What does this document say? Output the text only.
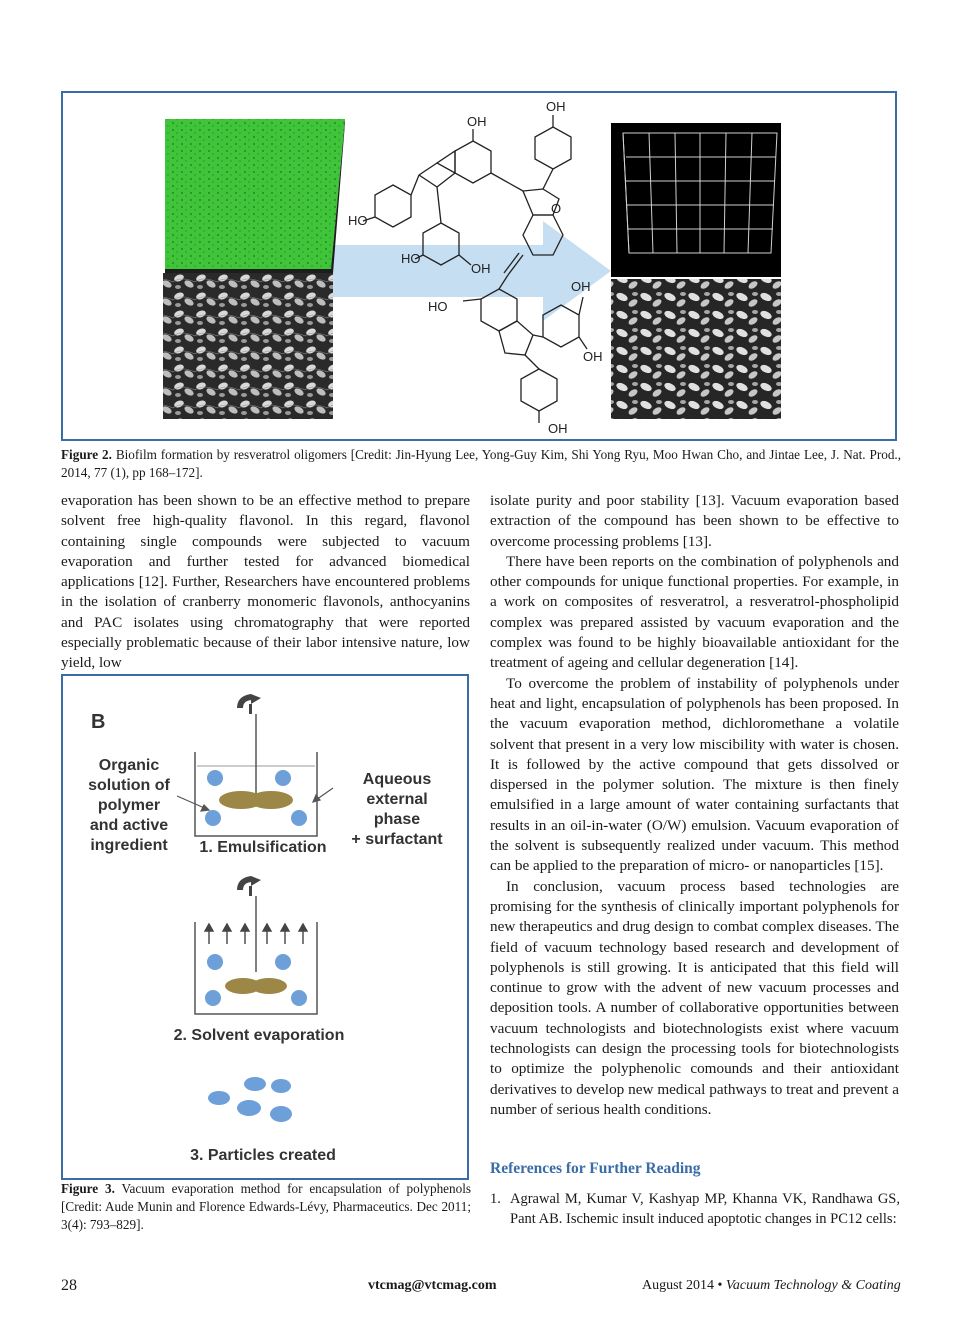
OH
OH
HO
HO
OH
HO
OH
OH
O
OH
Figure 2. Biofilm formation by resveratrol oligomers [Credit: Jin-Hyung Lee, Yong-Guy Kim, Shi Yong Ryu, Moo Hwan Cho, and Jintae Lee, J. Nat. Prod., 2014, 77 (1), pp 168–172].

evaporation has been shown to be an effective method to prepare solvent free high-quality flavonol. In this regard, flavonol containing single compounds were subjected to vacuum evaporation and further tested for advanced biomedical applications [12]. Further, Researchers have encountered problems in the isolation of cranberry monomeric flavonols, anthocyanins and PAC isolates using chromatography that were reported especially problematic because of their labor intensive nature, low yield, low

B
Organic
solution of
polymer
and active
ingredient
Aqueous
external
phase
+ surfactant
1. Emulsification
2. Solvent evaporation
3. Particles created
Figure 3. Vacuum evaporation method for encapsulation of polyphenols [Credit: Aude Munin and Florence Edwards-Lévy, Pharmaceutics. Dec 2011; 3(4): 793–829].

isolate purity and poor stability [13]. Vacuum evaporation based extraction of the compound has been shown to be effective to overcome processing problems [13].

There have been reports on the combination of polyphenols and other compounds for unique functional properties. For example, in a work on composites of resveratrol, a resveratrol-phospholipid complex was prepared assisted by vacuum evaporation and the complex was found to be highly bioavailable antioxidant for the treatment of ageing and cellular degeneration [14].

To overcome the problem of instability of polyphenols under heat and light, encapsulation of polyphenols has been proposed. In the vacuum evaporation method, dichloromethane a volatile solvent that present in a very low miscibility with water is chosen. It is followed by the active compound that gets dissolved or dispersed in the polymer solution. The mixture is then finely emulsified in a large amount of water containing surfactants that results in an oil-in-water (O/W) emulsion. Vacuum evaporation of the solvent is subsequently realized under vacuum. This method can be applied to the preparation of micro- or nanoparticles [15].

In conclusion, vacuum process based technologies are promising for the synthesis of clinically important polyphenols for new therapeutics and drug design to combat complex diseases. The field of vacuum technology based research and development of polyphenols is still growing. It is anticipated that this field will continue to grow with the advent of new vacuum processes and deposition tools. A number of collaborative opportunities between vacuum technologists and biotechnologists exist where vacuum technologists can design the processing tools for biotechnologists to optimize the polyphenolic comounds and their antioxidant derivatives to develop new medical pathways to treat and prevent a number of serious health conditions.

References for Further Reading
1. Agrawal M, Kumar V, Kashyap MP, Khanna VK, Randhawa GS, Pant AB. Ischemic insult induced apoptotic changes in PC12 cells:
28	vtcmag@vtcmag.com	August 2014 • Vacuum Technology & Coating
